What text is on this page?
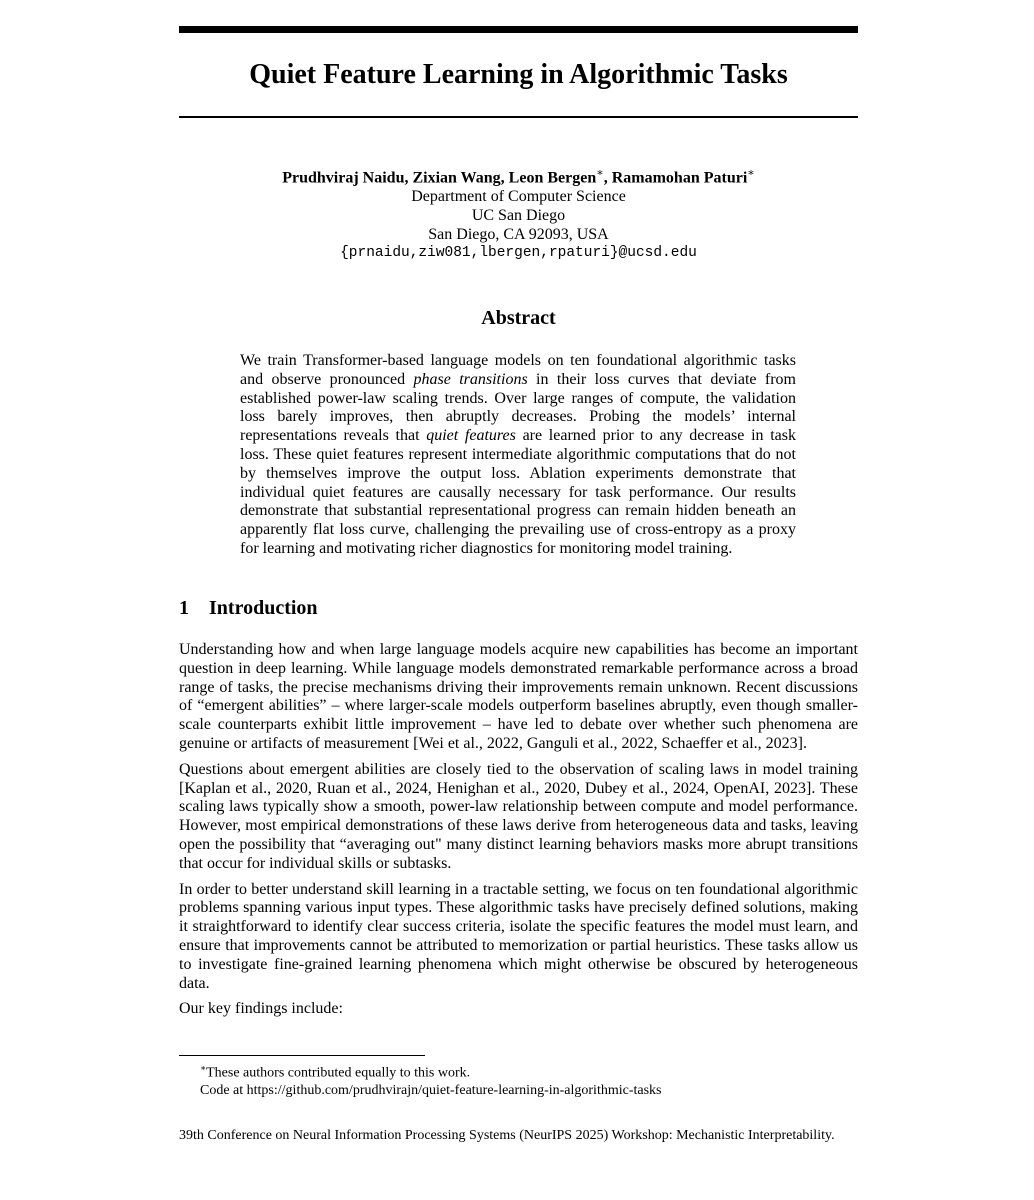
Quiet Feature Learning in Algorithmic Tasks
Prudhviraj Naidu, Zixian Wang, Leon Bergen∗, Ramamohan Paturi∗
Department of Computer Science
UC San Diego
San Diego, CA 92093, USA
{prnaidu,ziw081,lbergen,rpaturi}@ucsd.edu
Abstract
We train Transformer-based language models on ten foundational algorithmic tasks and observe pronounced phase transitions in their loss curves that deviate from established power-law scaling trends. Over large ranges of compute, the validation loss barely improves, then abruptly decreases. Probing the models’ internal representations reveals that quiet features are learned prior to any decrease in task loss. These quiet features represent intermediate algorithmic computations that do not by themselves improve the output loss. Ablation experiments demonstrate that individual quiet features are causally necessary for task performance. Our results demonstrate that substantial representational progress can remain hidden beneath an apparently flat loss curve, challenging the prevailing use of cross-entropy as a proxy for learning and motivating richer diagnostics for monitoring model training.
1 Introduction

Understanding how and when large language models acquire new capabilities has become an important question in deep learning. While language models demonstrated remarkable performance across a broad range of tasks, the precise mechanisms driving their improvements remain unknown. Recent discussions of “emergent abilities” – where larger-scale models outperform baselines abruptly, even though smaller-scale counterparts exhibit little improvement – have led to debate over whether such phenomena are genuine or artifacts of measurement [Wei et al., 2022, Ganguli et al., 2022, Schaeffer et al., 2023].

Questions about emergent abilities are closely tied to the observation of scaling laws in model training [Kaplan et al., 2020, Ruan et al., 2024, Henighan et al., 2020, Dubey et al., 2024, OpenAI, 2023]. These scaling laws typically show a smooth, power-law relationship between compute and model performance. However, most empirical demonstrations of these laws derive from heterogeneous data and tasks, leaving open the possibility that “averaging out" many distinct learning behaviors masks more abrupt transitions that occur for individual skills or subtasks.

In order to better understand skill learning in a tractable setting, we focus on ten foundational algorithmic problems spanning various input types. These algorithmic tasks have precisely defined solutions, making it straightforward to identify clear success criteria, isolate the specific features the model must learn, and ensure that improvements cannot be attributed to memorization or partial heuristics. These tasks allow us to investigate fine-grained learning phenomena which might otherwise be obscured by heterogeneous data.

Our key findings include:

∗These authors contributed equally to this work.
Code at https://github.com/prudhvirajn/quiet-feature-learning-in-algorithmic-tasks
39th Conference on Neural Information Processing Systems (NeurIPS 2025) Workshop: Mechanistic Interpretability.
